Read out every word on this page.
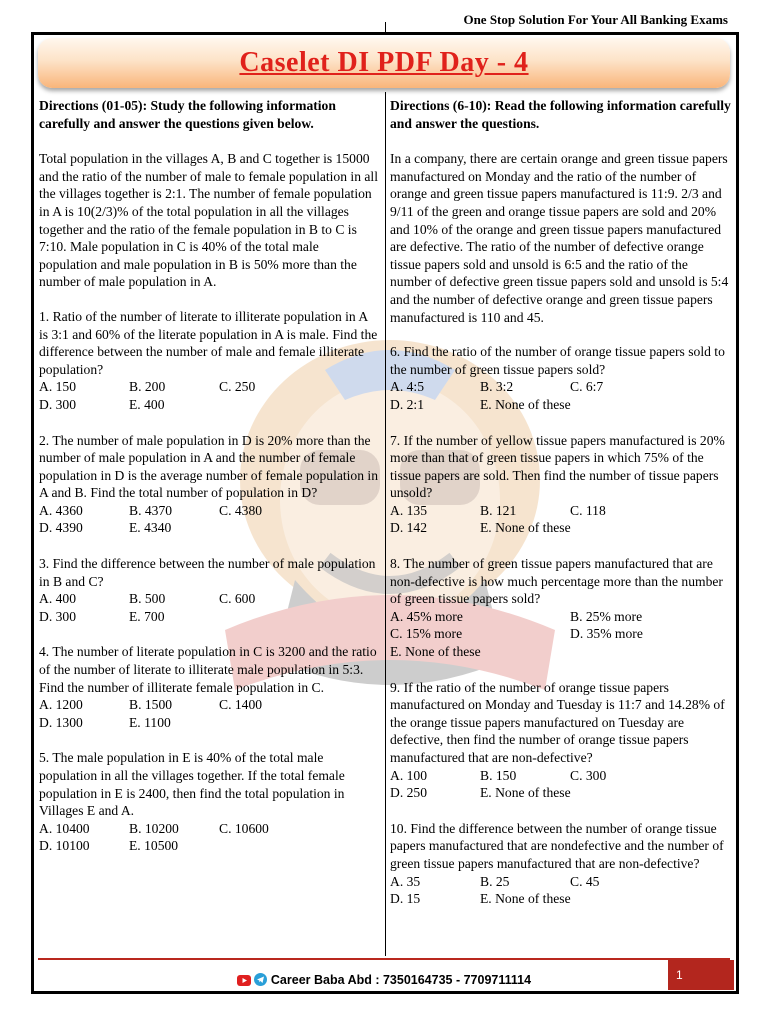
One Stop Solution For Your All Banking Exams
Caselet DI PDF Day - 4

Directions (01-05): Study the following information carefully and answer the questions given below.

Total population in the villages A, B and C together is 15000 and the ratio of the number of male to female population in all the villages together is 2:1. The number of female population in A is 10(2/3)% of the total population in all the villages together and the ratio of the female population in B to C is 7:10. Male population in C is 40% of the total male population and male population in B is 50% more than the number of male population in A.

1. Ratio of the number of literate to illiterate population in A is 3:1 and 60% of the literate population in A is male. Find the difference between the number of male and female illiterate population?

A. 150	B. 200	C. 250
D. 300	E. 400

2. The number of male population in D is 20% more than the number of male population in A and the number of female population in D is the average number of female population in A and B. Find the total number of population in D?

A. 4360	B. 4370	C. 4380
D. 4390	E. 4340

3. Find the difference between the number of male population in B and C?

A. 400	B. 500	C. 600
D. 300	E. 700

4. The number of literate population in C is 3200 and the ratio of the number of literate to illiterate male population in 5:3. Find the number of illiterate female population in C.

A. 1200	B. 1500	C. 1400
D. 1300	E. 1100

5. The male population in E is 40% of the total male population in all the villages together. If the total female population in E is 2400, then find the total population in Villages E and A.

A. 10400	B. 10200	C. 10600
D. 10100	E. 10500

Directions (6-10): Read the following information carefully and answer the questions.

In a company, there are certain orange and green tissue papers manufactured on Monday and the ratio of the number of orange and green tissue papers manufactured is 11:9. 2/3 and 9/11 of the green and orange tissue papers are sold and 20% and 10% of the orange and green tissue papers manufactured are defective. The ratio of the number of defective orange tissue papers sold and unsold is 6:5 and the ratio of the number of defective green tissue papers sold and unsold is 5:4 and the number of defective orange and green tissue papers manufactured is 110 and 45.

6. Find the ratio of the number of orange tissue papers sold to the number of green tissue papers sold?

A. 4:5	B. 3:2	C. 6:7
D. 2:1	E. None of these

7. If the number of yellow tissue papers manufactured is 20% more than that of green tissue papers in which 75% of the tissue papers are sold. Then find the number of tissue papers unsold?

A. 135	B. 121	C. 118
D. 142	E. None of these

8. The number of green tissue papers manufactured that are non-defective is how much percentage more than the number of green tissue papers sold?

A. 45% more	B. 25% more
C. 15% more	D. 35% more
E. None of these

9. If the ratio of the number of orange tissue papers manufactured on Monday and Tuesday is 11:7 and 14.28% of the orange tissue papers manufactured on Tuesday are defective, then find the number of orange tissue papers manufactured that are non-defective?

A. 100	B. 150	C. 300
D. 250	E. None of these

10. Find the difference between the number of orange tissue papers manufactured that are nondefective and the number of green tissue papers manufactured that are non-defective?

A. 35	B. 25	C. 45
D. 15	E. None of these
Career Baba Abd : 7350164735 - 7709711114	1
